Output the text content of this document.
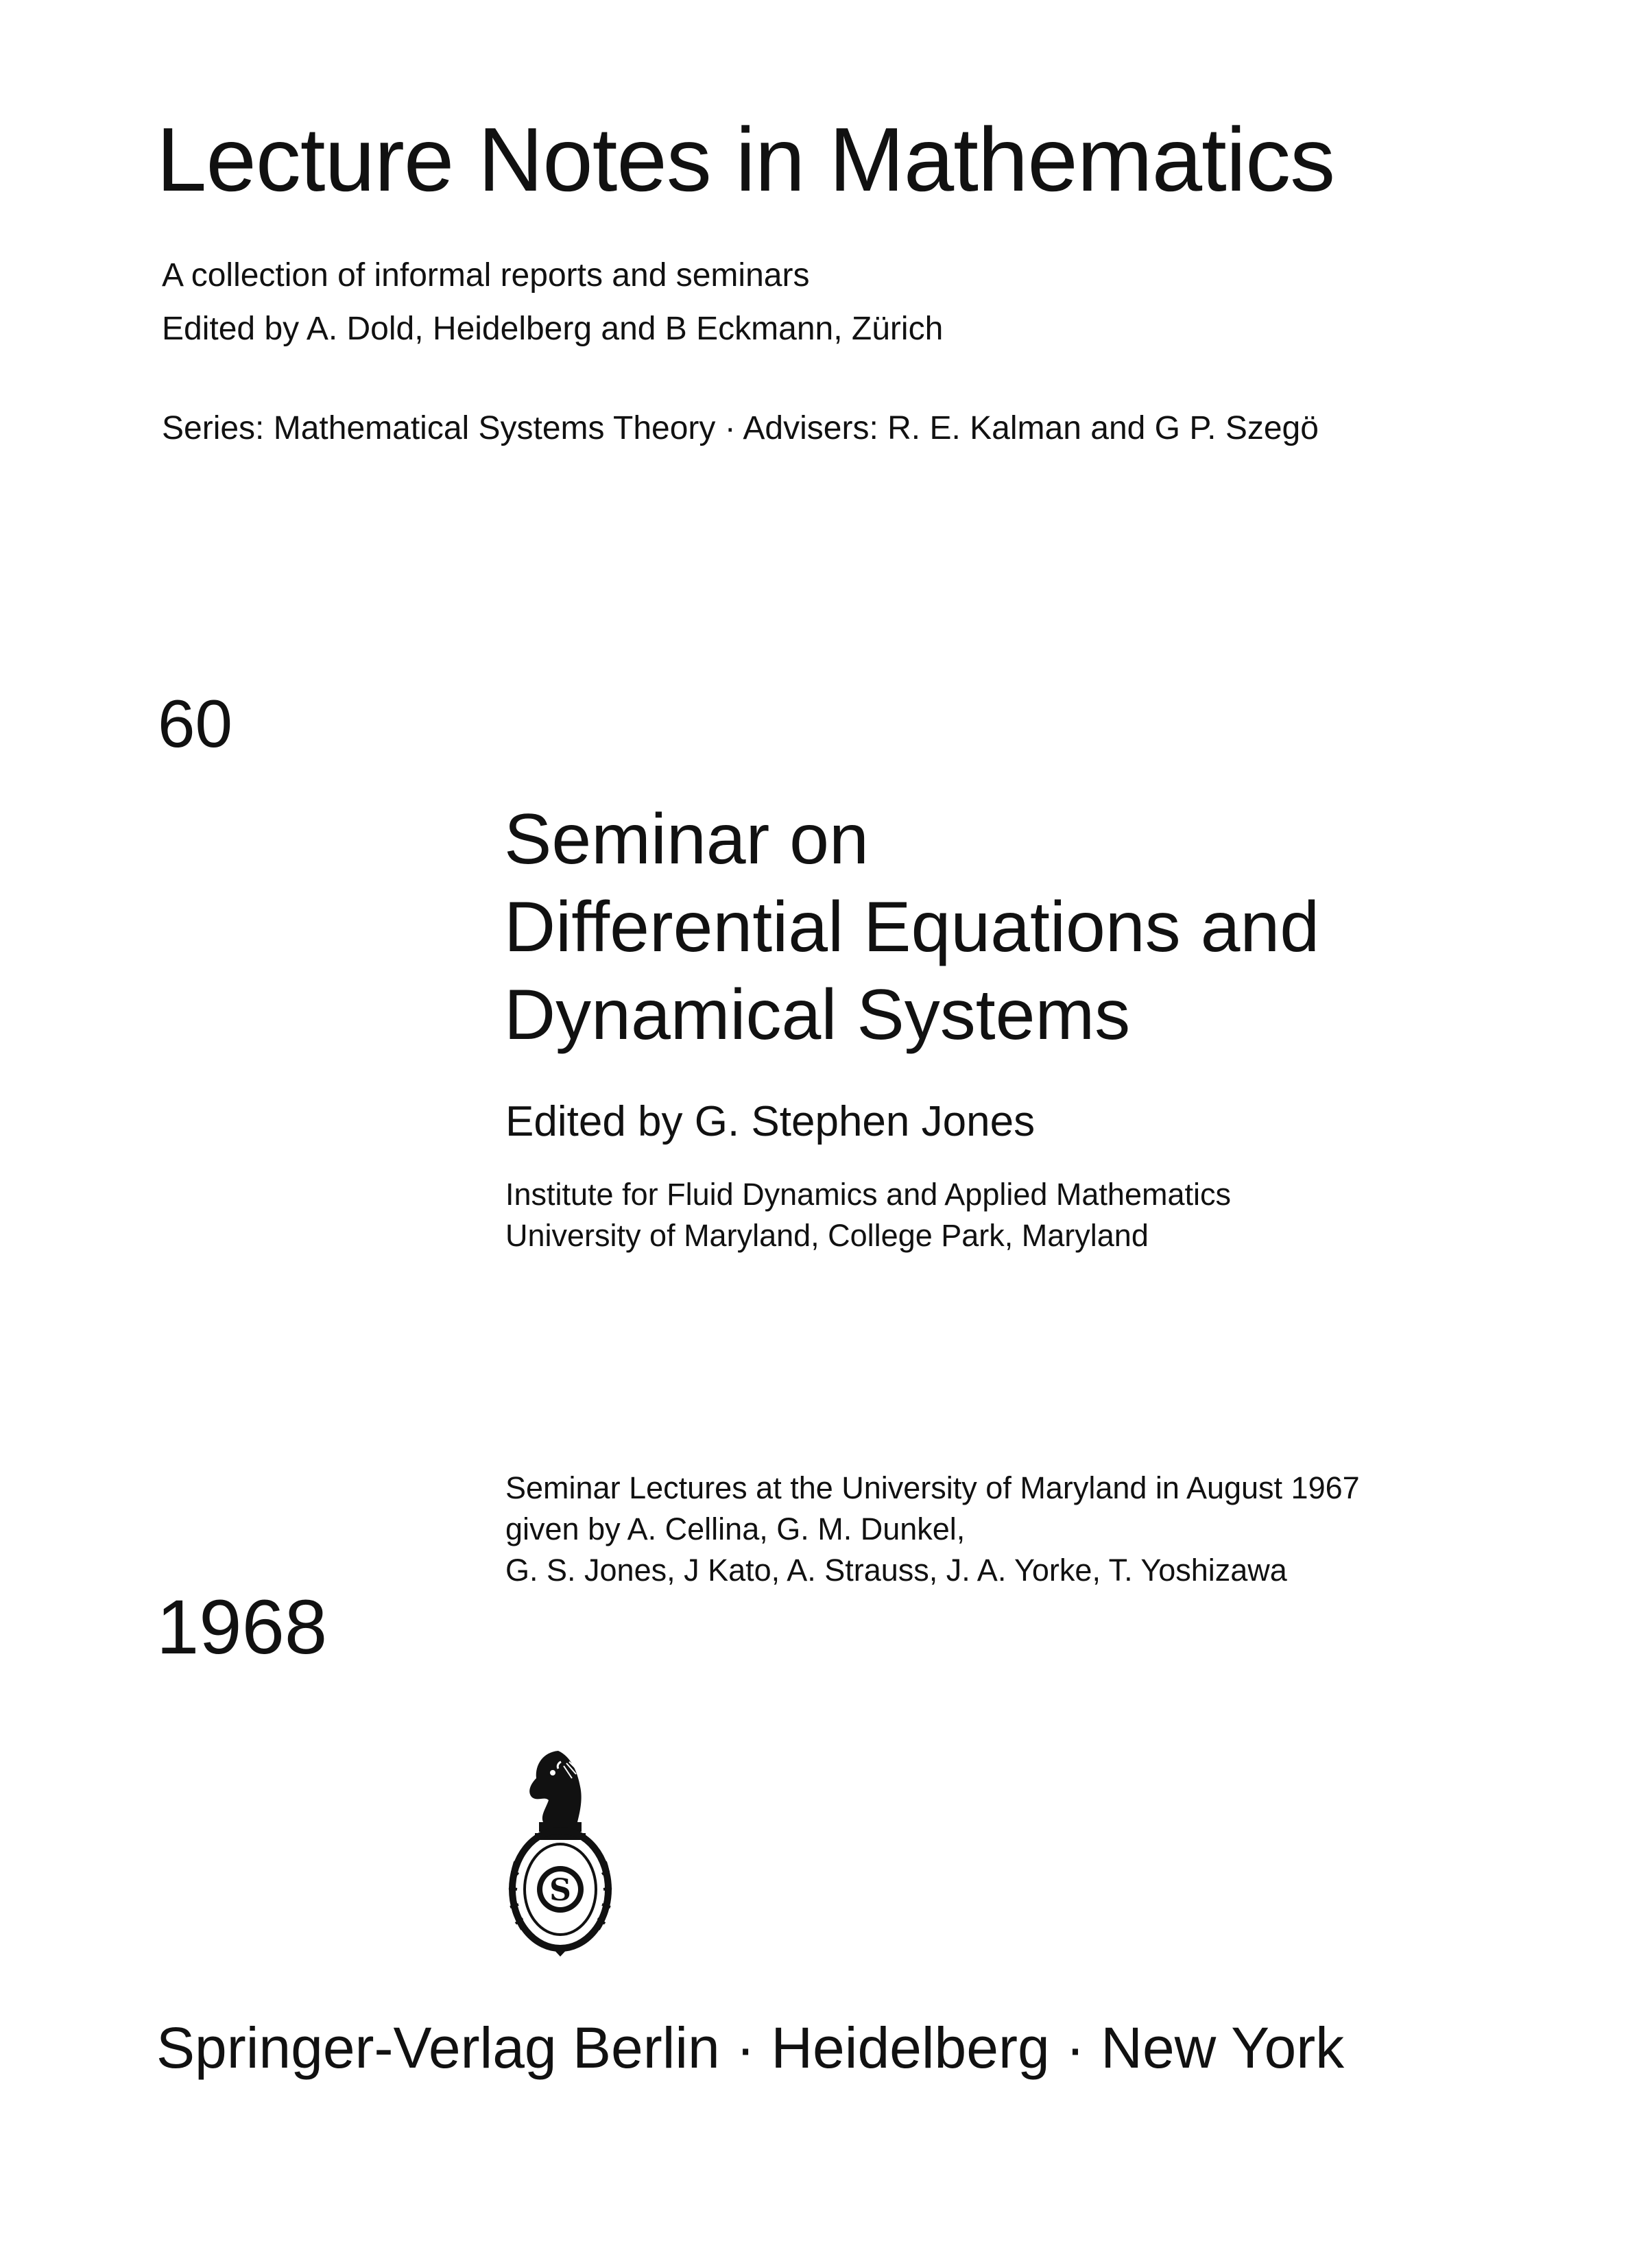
Lecture Notes in Mathematics
A collection of informal reports and seminars
Edited by A. Dold, Heidelberg and B Eckmann, Zürich
Series: Mathematical Systems Theory · Advisers: R. E. Kalman and G P. Szegö
60
Seminar on
Differential Equations and
Dynamical Systems
Edited by G. Stephen Jones
Institute for Fluid Dynamics and Applied Mathematics
University of Maryland, College Park, Maryland
Seminar Lectures at the University of Maryland in August 1967
given by A. Cellina, G. M. Dunkel,
G. S. Jones, J Kato, A. Strauss, J. A. Yorke, T. Yoshizawa
1968
S
Springer-Verlag Berlin · Heidelberg · New York
